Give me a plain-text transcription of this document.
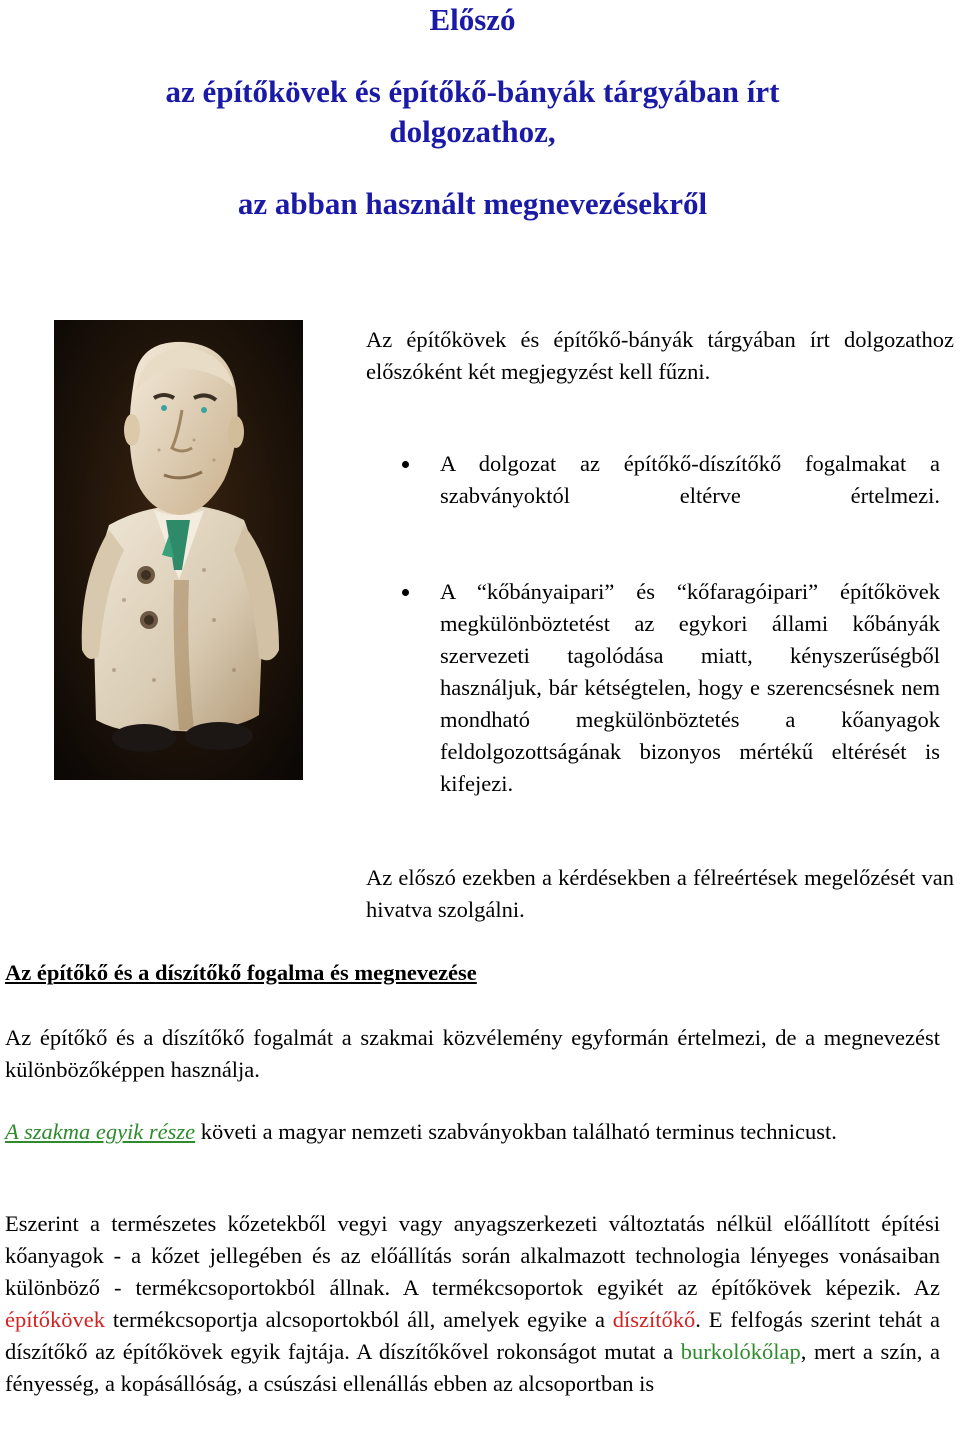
Előszó
az építőkövek és építőkő-bányák tárgyában írt
dolgozathoz,
az abban használt megnevezésekről

Az építőkövek és építőkő-bányák tárgyában írt dolgozathoz előszóként két megjegyzést kell fűzni.

A dolgozat az építőkő-díszítőkő fogalmakat a szabványoktól eltérve értelmezi.

A “kőbányaipari” és “kőfaragóipari” építőkövek megkülönböztetést az egykori állami kőbányák szervezeti tagolódása miatt, kényszerűségből használjuk, bár kétségtelen, hogy e szerencsésnek nem mondható megkülönböztetés a kőanyagok feldolgozottságának bizonyos mértékű eltérését is kifejezi.

Az előszó ezekben a kérdésekben a félreértések megelőzését van hivatva szolgálni.

Az építőkő és a díszítőkő fogalma és megnevezése

Az építőkő és a díszítőkő fogalmát a szakmai közvélemény egyformán értelmezi, de a megnevezést különbözőképpen használja.

A szakma egyik része követi a magyar nemzeti szabványokban található terminus technicust.

Eszerint a természetes kőzetekből vegyi vagy anyagszerkezeti változtatás nélkül előállított építési kőanyagok - a kőzet jellegében és az előállítás során alkalmazott technologia lényeges vonásaiban különböző - termékcsoportokból állnak. A termékcsoportok egyikét az építőkövek képezik. Az építőkövek termékcsoportja alcsoportokból áll, amelyek egyike a díszítőkő. E felfogás szerint tehát a díszítőkő az építőkövek egyik fajtája. A díszítőkővel rokonságot mutat a burkolókőlap, mert a szín, a fényesség, a kopásállóság, a csúszási ellenállás ebben az alcsoportban is
